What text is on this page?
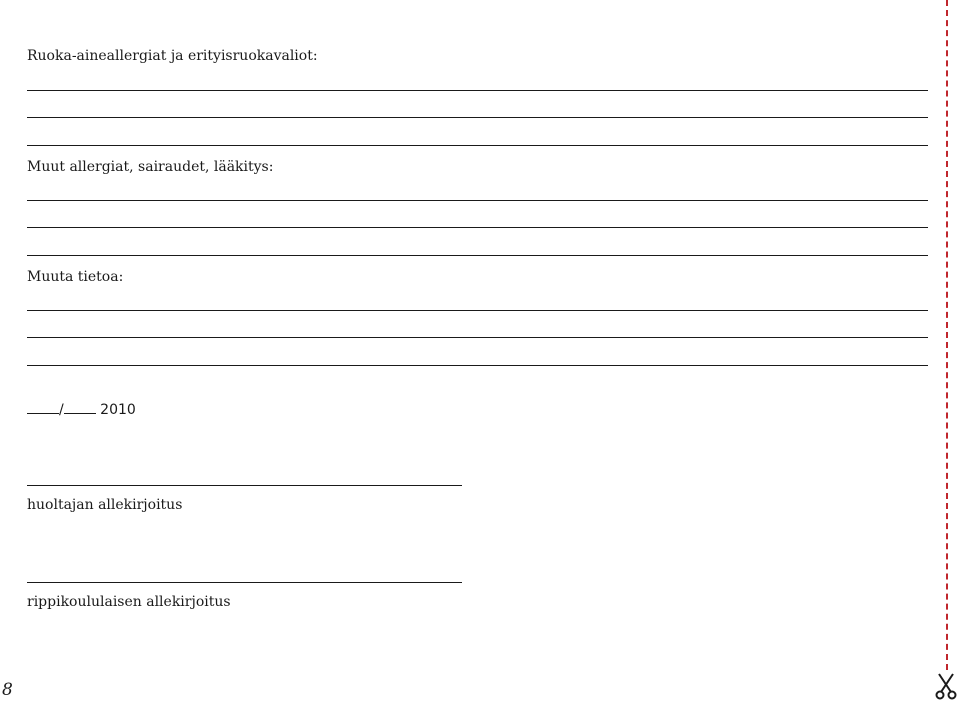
Ruoka-aineallergiat ja erityisruokavaliot:
Muut allergiat, sairaudet, lääkitys:
Muuta tietoa:
/	2010
huoltajan allekirjoitus
rippikoululaisen allekirjoitus
8
